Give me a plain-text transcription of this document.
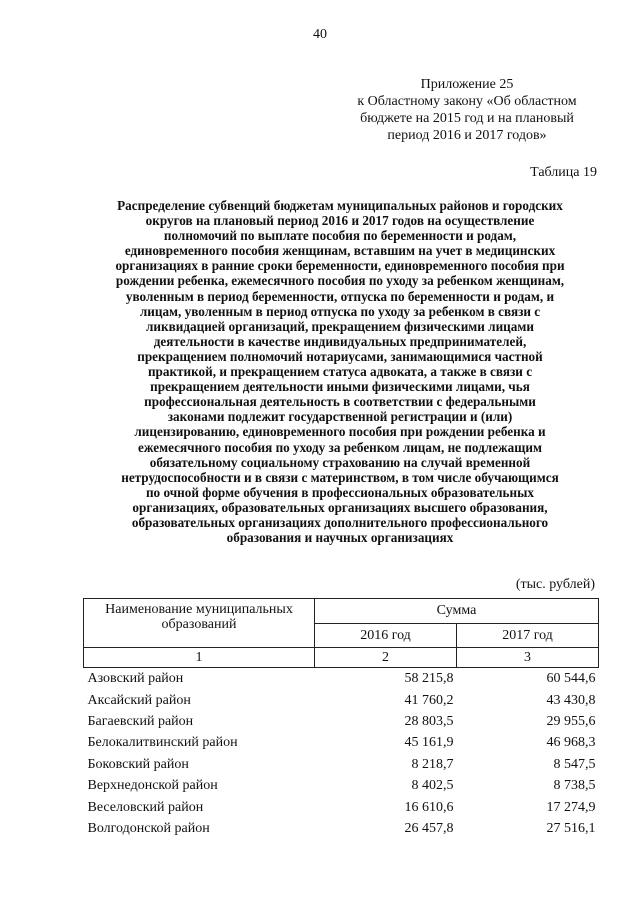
40
Приложение 25
к Областному закону «Об областном
бюджете на 2015 год и на плановый
период 2016 и 2017 годов»
Таблица 19
Распределение субвенций бюджетам муниципальных районов и городских
округов на плановый период 2016 и 2017 годов на осуществление
полномочий по выплате пособия по беременности и родам,
единовременного пособия женщинам, вставшим на учет в медицинских
организациях в ранние сроки беременности, единовременного пособия при
рождении ребенка, ежемесячного пособия по уходу за ребенком женщинам,
уволенным в период беременности, отпуска по беременности и родам, и
лицам, уволенным в период отпуска по уходу за ребенком в связи с
ликвидацией организаций, прекращением физическими лицами
деятельности в качестве индивидуальных предпринимателей,
прекращением полномочий нотариусами, занимающимися частной
практикой, и прекращением статуса адвоката, а также в связи с
прекращением деятельности иными физическими лицами, чья
профессиональная деятельность в соответствии с федеральными
законами подлежит государственной регистрации и (или)
лицензированию, единовременного пособия при рождении ребенка и
ежемесячного пособия по уходу за ребенком лицам, не подлежащим
обязательному социальному страхованию на случай временной
нетрудоспособности и в связи с материнством, в том числе обучающимся
по очной форме обучения в профессиональных образовательных
организациях, образовательных организациях высшего образования,
образовательных организациях дополнительного профессионального
образования и научных организациях
(тыс. рублей)
Наименование муниципальных
образований	Сумма	
	2016 год	2017 год
1	2	3
Азовский район	58 215,8	60 544,6
Аксайский район	41 760,2	43 430,8
Багаевский район	28 803,5	29 955,6
Белокалитвинский район	45 161,9	46 968,3
Боковский район	8 218,7	8 547,5
Верхнедонской район	8 402,5	8 738,5
Веселовский район	16 610,6	17 274,9
Волгодонской район	26 457,8	27 516,1
